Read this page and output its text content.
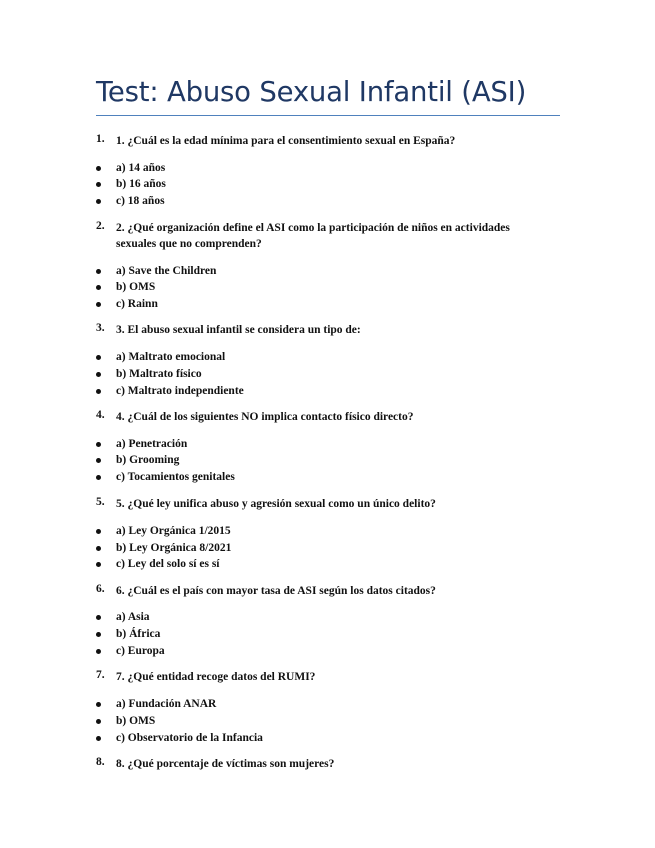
Test: Abuso Sexual Infantil (ASI)
1. 1. ¿Cuál es la edad mínima para el consentimiento sexual en España?
a) 14 años
b) 16 años
c) 18 años
2. 2. ¿Qué organización define el ASI como la participación de niños en actividades sexuales que no comprenden?
a) Save the Children
b) OMS
c) Rainn
3. 3. El abuso sexual infantil se considera un tipo de:
a) Maltrato emocional
b) Maltrato físico
c) Maltrato independiente
4. 4. ¿Cuál de los siguientes NO implica contacto físico directo?
a) Penetración
b) Grooming
c) Tocamientos genitales
5. 5. ¿Qué ley unifica abuso y agresión sexual como un único delito?
a) Ley Orgánica 1/2015
b) Ley Orgánica 8/2021
c) Ley del solo sí es sí
6. 6. ¿Cuál es el país con mayor tasa de ASI según los datos citados?
a) Asia
b) África
c) Europa
7. 7. ¿Qué entidad recoge datos del RUMI?
a) Fundación ANAR
b) OMS
c) Observatorio de la Infancia
8. 8. ¿Qué porcentaje de víctimas son mujeres?
